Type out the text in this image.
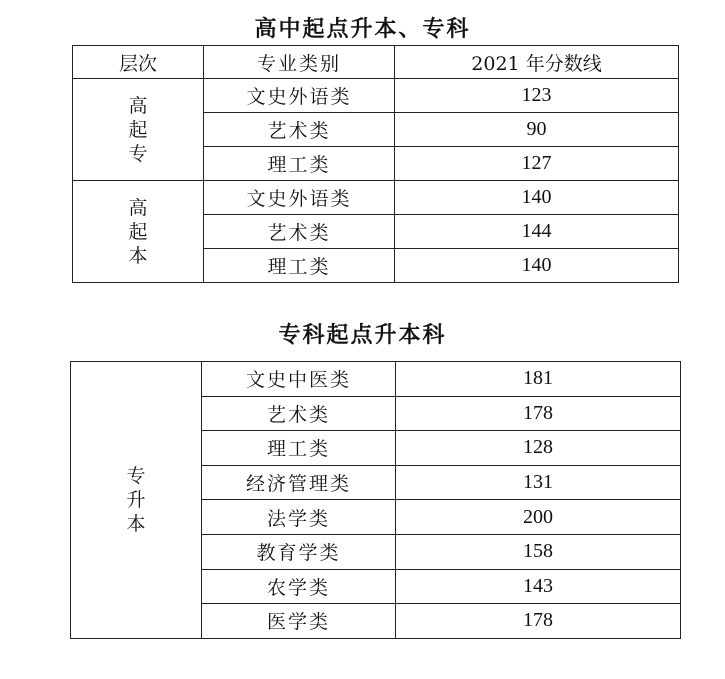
高中起点升本、专科
层次	专业类别	2021 年分数线
高起专	文史外语类	123
	艺术类	90
	理工类	127
高起本	文史外语类	140
	艺术类	144
	理工类	140
专科起点升本科
专升本	文史中医类	181
	艺术类	178
	理工类	128
	经济管理类	131
	法学类	200
	教育学类	158
	农学类	143
	医学类	178
